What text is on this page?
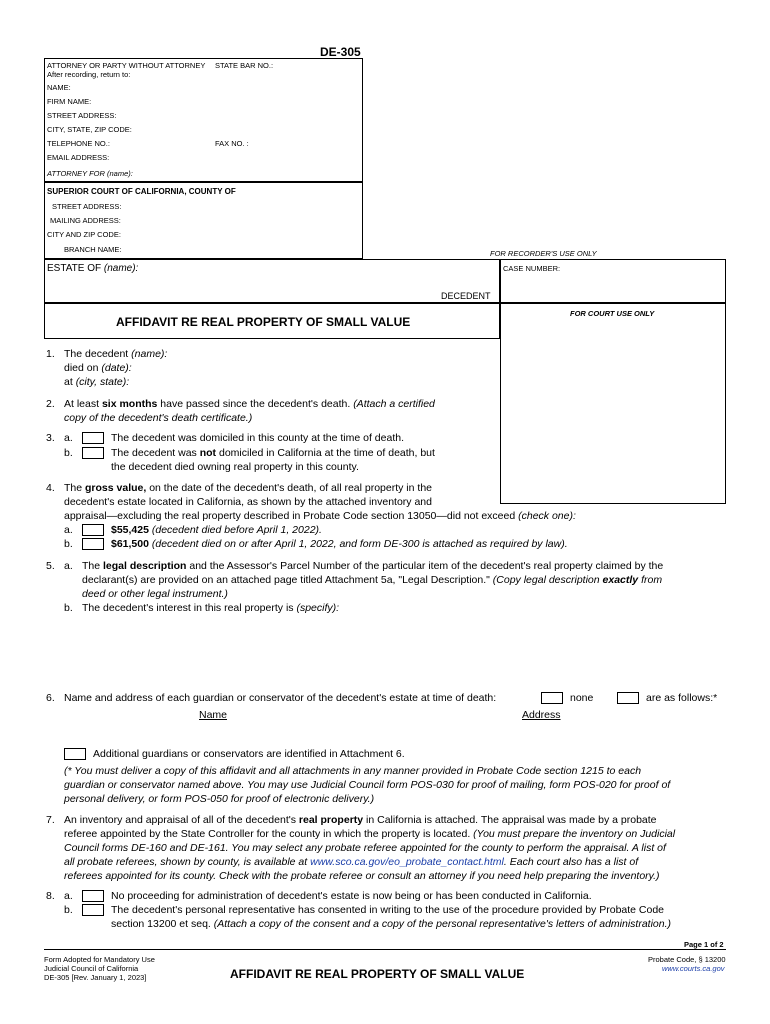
DE-305
ATTORNEY OR PARTY WITHOUT ATTORNEY STATE BAR NO.:
After recording, return to:
NAME:
FIRM NAME:
STREET ADDRESS:
CITY, STATE, ZIP CODE:
TELEPHONE NO.:	FAX NO. :
EMAIL ADDRESS:
ATTORNEY FOR (name):
SUPERIOR COURT OF CALIFORNIA, COUNTY OF
STREET ADDRESS:
MAILING ADDRESS:
CITY AND ZIP CODE:
BRANCH NAME:	FOR RECORDER'S USE ONLY
ESTATE OF (name):	CASE NUMBER:
DECEDENT
AFFIDAVIT RE REAL PROPERTY OF SMALL VALUE
FOR COURT USE ONLY
1. The decedent (name):
died on (date):
at (city, state):
2. At least six months have passed since the decedent's death. (Attach a certified
copy of the decedent's death certificate.)
3. a.	The decedent was domiciled in this county at the time of death.
b.	The decedent was not domiciled in California at the time of death, but
the decedent died owning real property in this county.
4. The gross value, on the date of the decedent's death, of all real property in the
decedent's estate located in California, as shown by the attached inventory and
appraisal—excluding the real property described in Probate Code section 13050—did not exceed (check one):
a.	$55,425 (decedent died before April 1, 2022).
b.	$61,500 (decedent died on or after April 1, 2022, and form DE-300 is attached as required by law).
5. a. The legal description and the Assessor's Parcel Number of the particular item of the decedent's real property claimed by the
declarant(s) are provided on an attached page titled Attachment 5a, "Legal Description." (Copy legal description exactly from
deed or other legal instrument.)
b. The decedent's interest in this real property is (specify):
6. Name and address of each guardian or conservator of the decedent's estate at time of death:	none	are as follows:*
Name	Address
Additional guardians or conservators are identified in Attachment 6.
(* You must deliver a copy of this affidavit and all attachments in any manner provided in Probate Code section 1215 to each
guardian or conservator named above. You may use Judicial Council form POS-030 for proof of mailing, form POS-020 for proof of
personal delivery, or form POS-050 for proof of electronic delivery.)
7. An inventory and appraisal of all of the decedent's real property in California is attached. The appraisal was made by a probate
referee appointed by the State Controller for the county in which the property is located. (You must prepare the inventory on Judicial
Council forms DE-160 and DE-161. You may select any probate referee appointed for the county to perform the appraisal. A list of
all probate referees, shown by county, is available at www.sco.ca.gov/eo_probate_contact.html. Each court also has a list of
referees appointed for its county. Check with the probate referee or consult an attorney if you need help preparing the inventory.)
8. a.	No proceeding for administration of decedent's estate is now being or has been conducted in California.
b.	The decedent's personal representative has consented in writing to the use of the procedure provided by Probate Code
section 13200 et seq. (Attach a copy of the consent and a copy of the personal representative's letters of administration.)
Page 1 of 2
Form Adopted for Mandatory Use
Judicial Council of California
DE-305 [Rev. January 1, 2023]	AFFIDAVIT RE REAL PROPERTY OF SMALL VALUE
Probate Code, § 13200
www.courts.ca.gov
